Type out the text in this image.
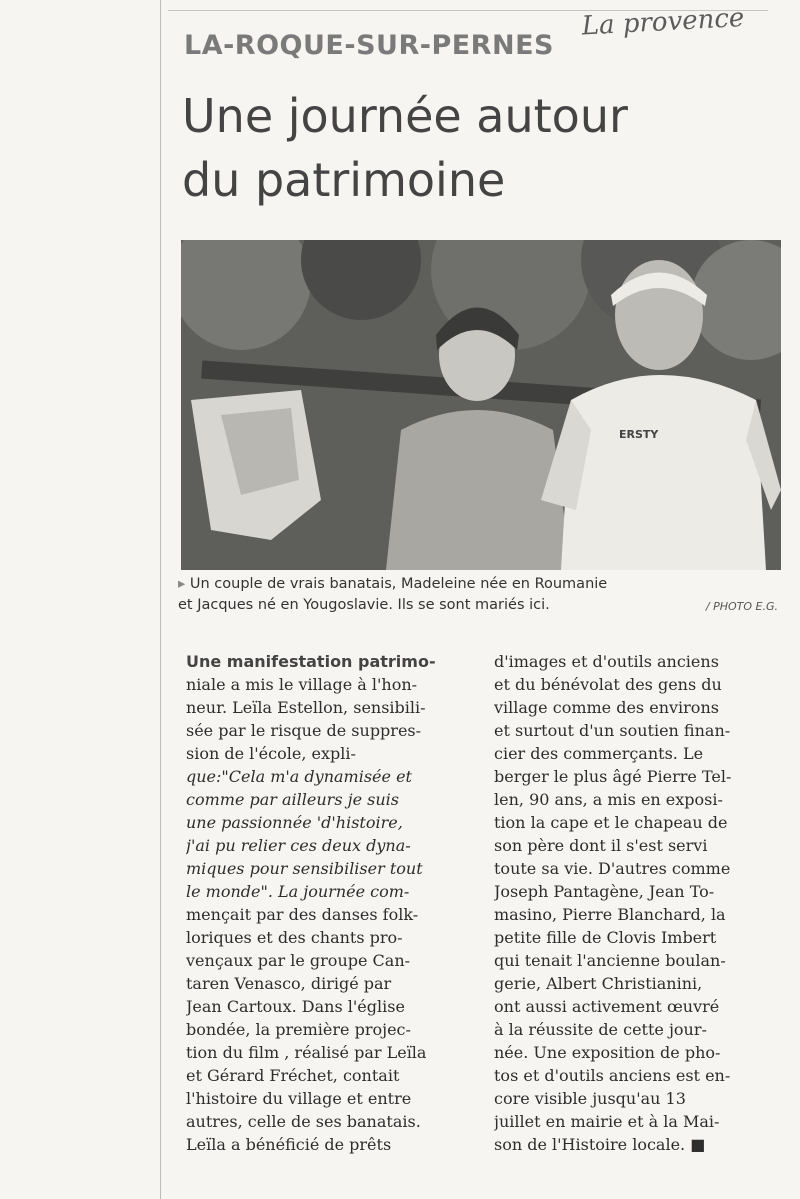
La provence
LA-ROQUE-SUR-PERNES
Une journée autour
du patrimoine
ERSTY
▸ Un couple de vrais banatais, Madeleine née en Roumanie
et Jacques né en Yougoslavie. Ils se sont mariés ici.	/ PHOTO E.G.
Une manifestation patrimo-
niale a mis le village à l'hon-
neur. Leïla Estellon, sensibili-
sée par le risque de suppres-
sion de l'école, expli-
que:"Cela m'a dynamisée et
comme par ailleurs je suis
une passionnée 'd'histoire,
j'ai pu relier ces deux dyna-
miques pour sensibiliser tout
le monde". La journée com-
mençait par des danses folk-
loriques et des chants pro-
vençaux par le groupe Can-
taren Venasco, dirigé par
Jean Cartoux. Dans l'église
bondée, la première projec-
tion du film , réalisé par Leïla
et Gérard Fréchet, contait
l'histoire du village et entre
autres, celle de ses banatais.
Leïla a bénéficié de prêts
d'images et d'outils anciens
et du bénévolat des gens du
village comme des environs
et surtout d'un soutien finan-
cier des commerçants. Le
berger le plus âgé Pierre Tel-
len, 90 ans, a mis en exposi-
tion la cape et le chapeau de
son père dont il s'est servi
toute sa vie. D'autres comme
Joseph Pantagène, Jean To-
masino, Pierre Blanchard, la
petite fille de Clovis Imbert
qui tenait l'ancienne boulan-
gerie, Albert Christianini,
ont aussi activement œuvré
à la réussite de cette jour-
née. Une exposition de pho-
tos et d'outils anciens est en-
core visible jusqu'au 13
juillet en mairie et à la Mai-
son de l'Histoire locale. ■
